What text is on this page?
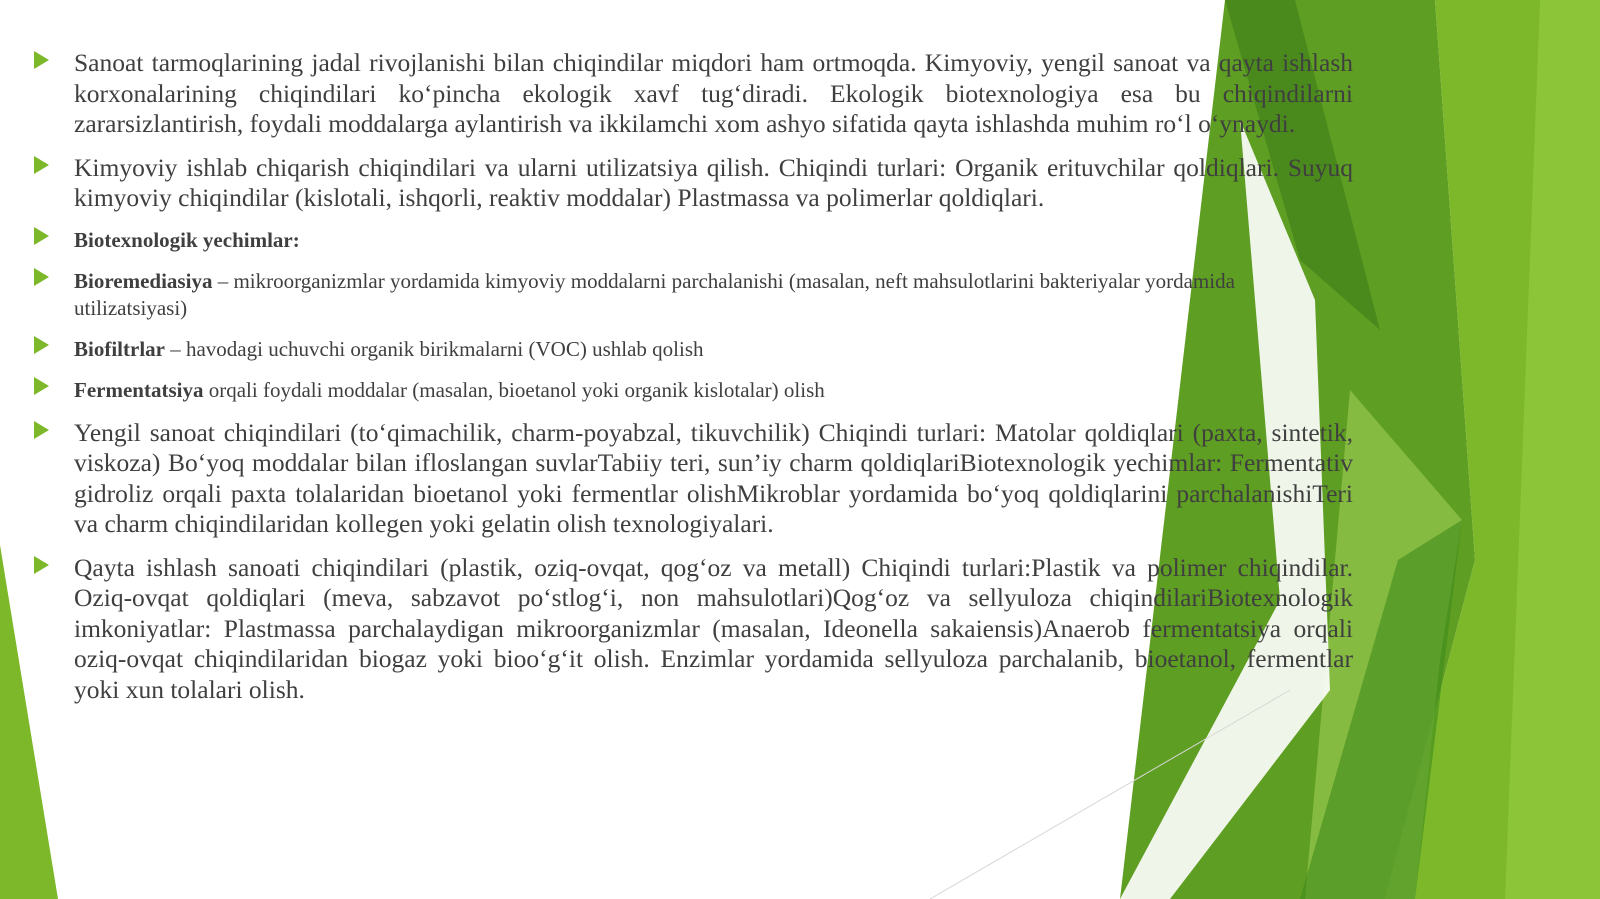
Sanoat tarmoqlarining jadal rivojlanishi bilan chiqindilar miqdori ham ortmoqda. Kimyoviy, yengil sanoat va qayta ishlash korxonalarining chiqindilari ko‘pincha ekologik xavf tug‘diradi. Ekologik biotexnologiya esa bu chiqindilarni zararsizlantirish, foydali moddalarga aylantirish va ikkilamchi xom ashyo sifatida qayta ishlashda muhim ro‘l o‘ynaydi.
Kimyoviy ishlab chiqarish chiqindilari va ularni utilizatsiya qilish. Chiqindi turlari: Organik erituvchilar qoldiqlari. Suyuq kimyoviy chiqindilar (kislotali, ishqorli, reaktiv moddalar) Plastmassa va polimerlar qoldiqlari.
Biotexnologik yechimlar:
Bioremediasiya – mikroorganizmlar yordamida kimyoviy moddalarni parchalanishi (masalan, neft mahsulotlarini bakteriyalar yordamida utilizatsiyasi)
Biofiltrlar – havodagi uchuvchi organik birikmalarni (VOC) ushlab qolish
Fermentatsiya orqali foydali moddalar (masalan, bioetanol yoki organik kislotalar) olish
Yengil sanoat chiqindilari (to‘qimachilik, charm-poyabzal, tikuvchilik) Chiqindi turlari: Matolar qoldiqlari (paxta, sintetik, viskoza) Bo‘yoq moddalar bilan ifloslangan suvlarTabiiy teri, sun’iy charm qoldiqlariBiotexnologik yechimlar: Fermentativ gidroliz orqali paxta tolalaridan bioetanol yoki fermentlar olishMikroblar yordamida bo‘yoq qoldiqlarini parchalanishiTeri va charm chiqindilaridan kollegen yoki gelatin olish texnologiyalari.
Qayta ishlash sanoati chiqindilari (plastik, oziq-ovqat, qog‘oz va metall) Chiqindi turlari:Plastik va polimer chiqindilar. Oziq-ovqat qoldiqlari (meva, sabzavot po‘stlog‘i, non mahsulotlari)Qog‘oz va sellyuloza chiqindilariBiotexnologik imkoniyatlar: Plastmassa parchalaydigan mikroorganizmlar (masalan, Ideonella sakaiensis)Anaerob fermentatsiya orqali oziq-ovqat chiqindilaridan biogaz yoki bioo‘g‘it olish. Enzimlar yordamida sellyuloza parchalanib, bioetanol, fermentlar yoki xun tolalari olish.
